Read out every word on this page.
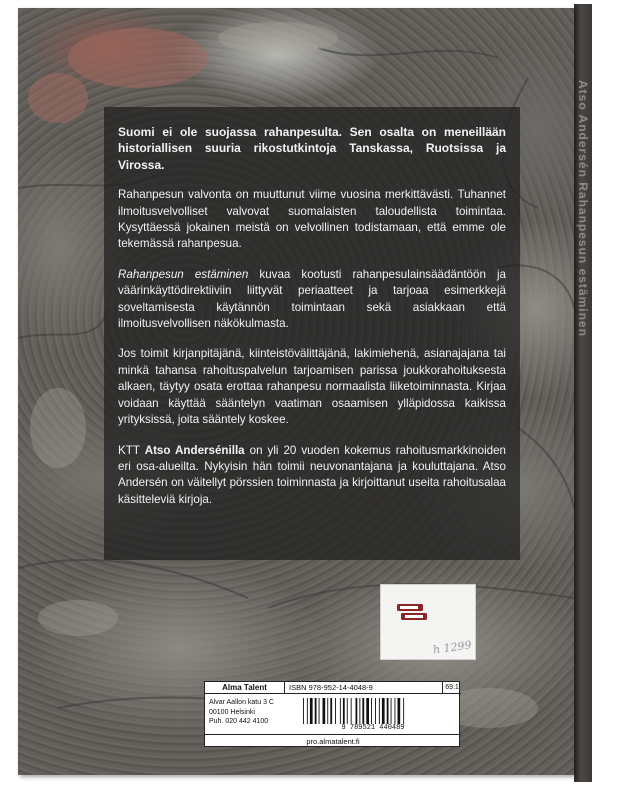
Atso Andersén Rahanpesun estäminen

Suomi ei ole suojassa rahanpesulta. Sen osalta on meneillään historiallisen suuria rikostutkintoja Tanskassa, Ruotsissa ja Virossa.

Rahanpesun valvonta on muuttunut viime vuosina merkittävästi. Tuhannet ilmoitusvelvolliset valvovat suomalaisten taloudellista toimintaa. Kysyttäessä jokainen meistä on velvollinen todistamaan, että emme ole tekemässä rahanpesua.

Rahanpesun estäminen kuvaa kootusti rahanpesulainsäädäntöön ja väärinkäyttödirektiiviin liittyvät periaatteet ja tarjoaa esimerkkejä soveltamisesta käytännön toimintaan sekä asiakkaan että ilmoitusvelvollisen näkökulmasta.

Jos toimit kirjanpitäjänä, kiinteistövälittäjänä, lakimiehenä, asianajajana tai minkä tahansa rahoituspalvelun tarjoamisen parissa joukkorahoituksesta alkaen, täytyy osata erottaa rahanpesu normaalista liiketoiminnasta. Kirjaa voidaan käyttää sääntelyn vaatiman osaamisen ylläpidossa kaikissa yrityksissä, joita sääntely koskee.

KTT Atso Andersénilla on yli 20 vuoden kokemus rahoitusmarkkinoiden eri osa-alueilta. Nykyisin hän toimii neuvonantajana ja kouluttajana. Atso Andersén on väitellyt pörssien toiminnasta ja kirjoittanut useita rahoitusalaa käsitteleviä kirjoja.

h 1299
Alma Talent	ISBN 978-952-14-4048-9	69.1
Alvar Aallon katu 3 C
00100 Helsinki
Puh. 020 442 4100
9 789521 440489
pro.almatalent.fi
